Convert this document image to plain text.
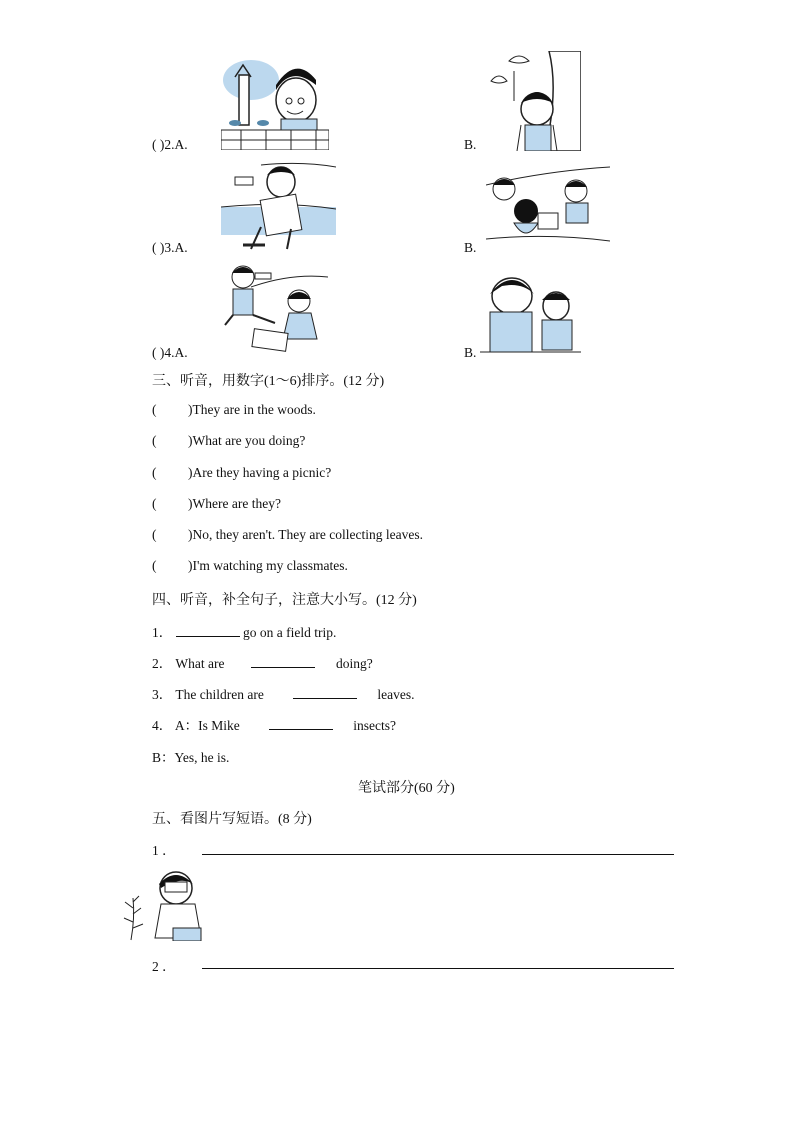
( )2.A.	B.
( )3.A.	B.
( )4.A.	B.
三、听音，用数字(1～6)排序。(12 分)
( )They are in the woods.
( )What are you doing?
( )Are they having a picnic?
( )Where are they?
( )No, they aren't. They are collecting leaves.
( )I'm watching my classmates.
四、听音，补全句子，注意大小写。(12 分)
1．	go on a field trip.
2． What are	doing?
3． The children are	leaves.
4． A：Is Mike	insects?
B：Yes, he is.
笔试部分(60 分)
五、看图片写短语。(8 分)
1 ．
2 ．
